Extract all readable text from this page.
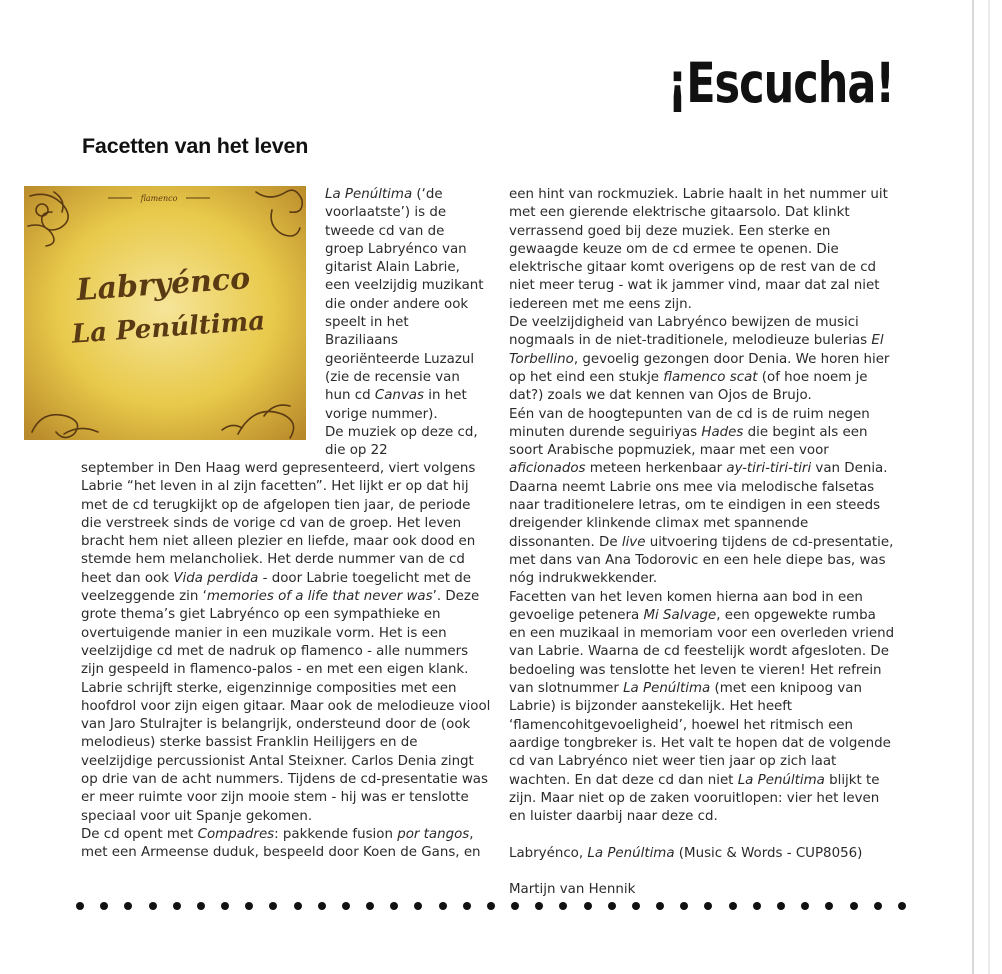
¡Escucha!
Facetten van het leven
flamenco
Labryénco
La Penúltima

La Penúltima (‘de voorlaatste’) is de tweede cd van de groep Labryénco van gitarist Alain Labrie, een veelzijdig muzikant die onder andere ook speelt in het Braziliaans georiënteerde Luzazul (zie de recensie van hun cd Canvas in het vorige nummer).

De muziek op deze cd, die op 22

september in Den Haag werd gepresenteerd, viert volgens Labrie “het leven in al zijn facetten”. Het lijkt er op dat hij met de cd terugkijkt op de afgelopen tien jaar, de periode die verstreek sinds de vorige cd van de groep. Het leven bracht hem niet alleen plezier en liefde, maar ook dood en stemde hem melancholiek. Het derde nummer van de cd heet dan ook Vida perdida - door Labrie toegelicht met de veelzeggende zin ‘memories of a life that never was’. Deze grote thema’s giet Labryénco op een sympathieke en overtuigende manier in een muzikale vorm. Het is een veelzijdige cd met de nadruk op flamenco - alle nummers zijn gespeeld in flamenco-palos - en met een eigen klank.

Labrie schrijft sterke, eigenzinnige composities met een hoofdrol voor zijn eigen gitaar. Maar ook de melodieuze viool van Jaro Stulrajter is belangrijk, ondersteund door de (ook melodieus) sterke bassist Franklin Heilijgers en de veelzijdige percussionist Antal Steixner. Carlos Denia zingt op drie van de acht nummers. Tijdens de cd-presentatie was er meer ruimte voor zijn mooie stem - hij was er tenslotte speciaal voor uit Spanje gekomen.

De cd opent met Compadres: pakkende fusion por tangos, met een Armeense duduk, bespeeld door Koen de Gans, en

een hint van rockmuziek. Labrie haalt in het nummer uit met een gierende elektrische gitaarsolo. Dat klinkt verrassend goed bij deze muziek. Een sterke en gewaagde keuze om de cd ermee te openen. Die elektrische gitaar komt overigens op de rest van de cd niet meer terug - wat ik jammer vind, maar dat zal niet iedereen met me eens zijn.

De veelzijdigheid van Labryénco bewijzen de musici nogmaals in de niet-traditionele, melodieuze bulerias El Torbellino, gevoelig gezongen door Denia. We horen hier op het eind een stukje flamenco scat (of hoe noem je dat?) zoals we dat kennen van Ojos de Brujo.

Eén van de hoogtepunten van de cd is de ruim negen minuten durende seguiriyas Hades die begint als een soort Arabische popmuziek, maar met een voor aficionados meteen herkenbaar ay-tiri-tiri-tiri van Denia. Daarna neemt Labrie ons mee via melodische falsetas naar traditionelere letras, om te eindigen in een steeds dreigender klinkende climax met spannende dissonanten. De live uitvoering tijdens de cd-presentatie, met dans van Ana Todorovic en een hele diepe bas, was nóg indrukwekkender.

Facetten van het leven komen hierna aan bod in een gevoelige petenera Mi Salvage, een opgewekte rumba en een muzikaal in memoriam voor een overleden vriend van Labrie. Waarna de cd feestelijk wordt afgesloten. De bedoeling was tenslotte het leven te vieren! Het refrein van slotnummer La Penúltima (met een knipoog van Labrie) is bijzonder aanstekelijk. Het heeft ‘flamencohitgevoeligheid’, hoewel het ritmisch een aardige tongbreker is. Het valt te hopen dat de volgende cd van Labryénco niet weer tien jaar op zich laat wachten. En dat deze cd dan niet La Penúltima blijkt te zijn. Maar niet op de zaken vooruitlopen: vier het leven en luister daarbij naar deze cd.

Labryénco, La Penúltima (Music & Words - CUP8056)

Martijn van Hennik
